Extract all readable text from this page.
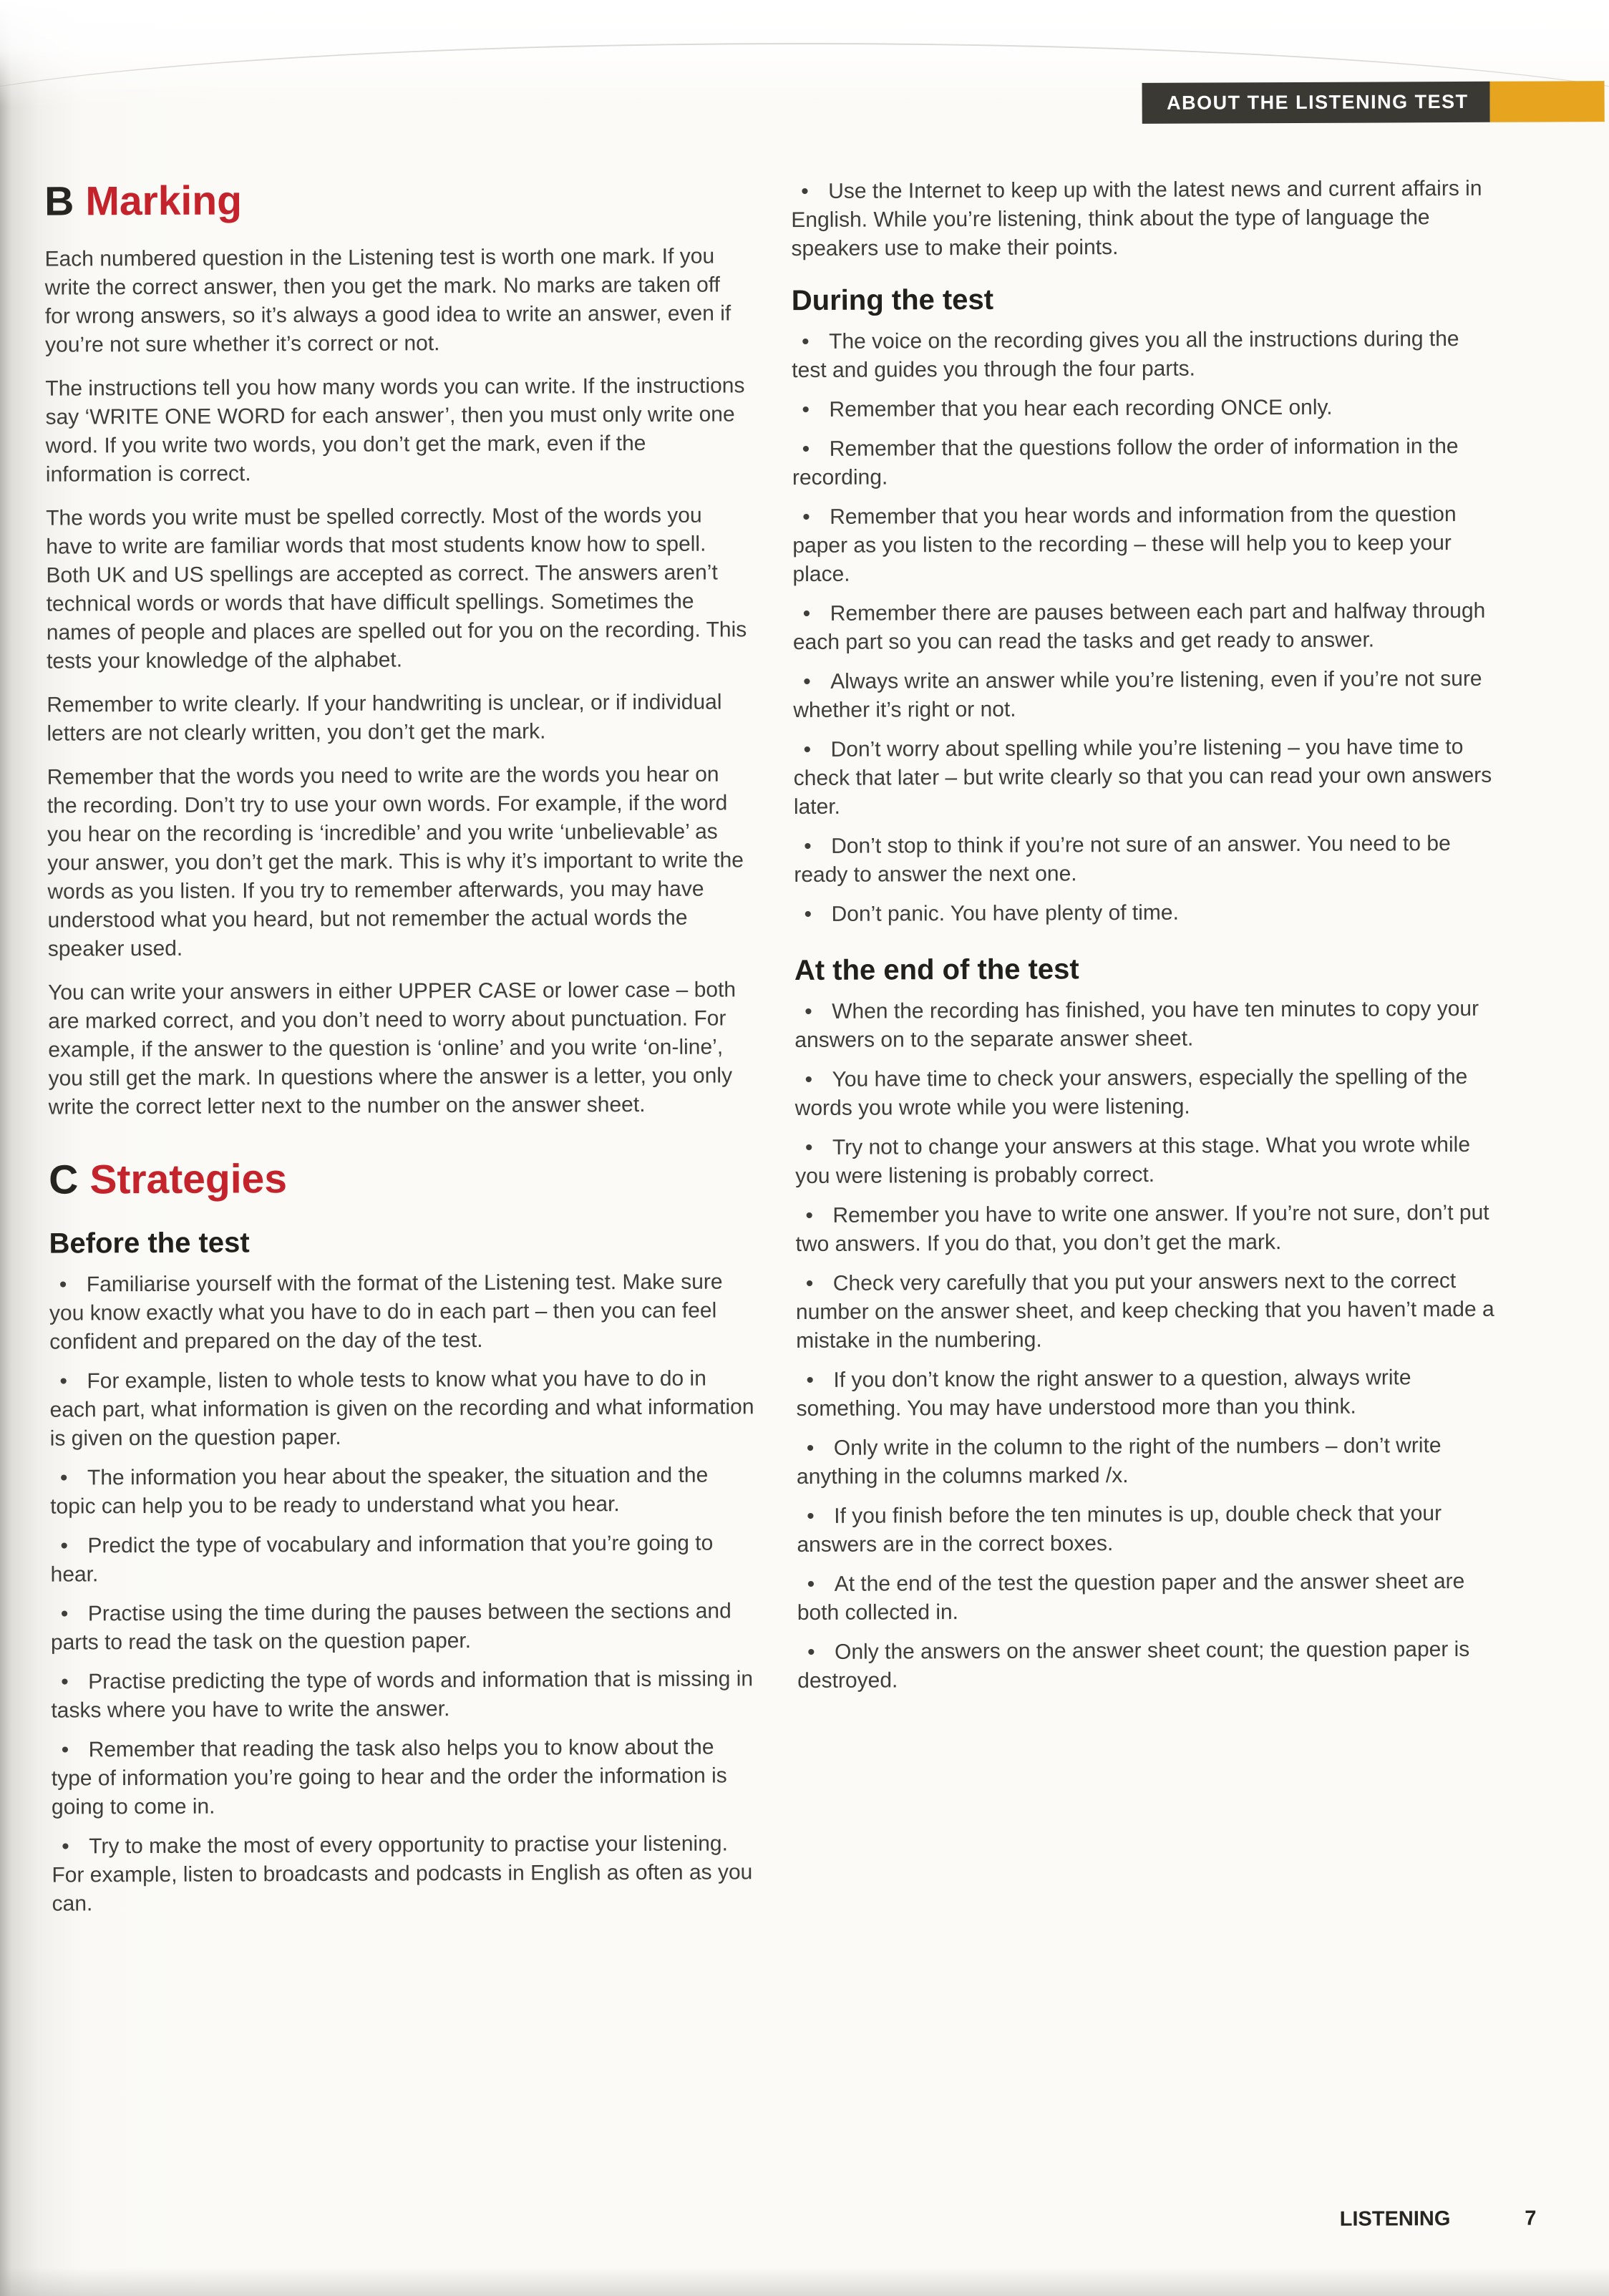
ABOUT THE LISTENING TEST
B Marking

Each numbered question in the Listening test is worth one mark. If you write the correct answer, then you get the mark. No marks are taken off for wrong answers, so it’s always a good idea to write an answer, even if you’re not sure whether it’s correct or not.

The instructions tell you how many words you can write. If the instructions say ‘WRITE ONE WORD for each answer’, then you must only write one word. If you write two words, you don’t get the mark, even if the information is correct.

The words you write must be spelled correctly. Most of the words you have to write are familiar words that most students know how to spell. Both UK and US spellings are accepted as correct. The answers aren’t technical words or words that have difficult spellings. Sometimes the names of people and places are spelled out for you on the recording. This tests your knowledge of the alphabet.

Remember to write clearly. If your handwriting is unclear, or if individual letters are not clearly written, you don’t get the mark.

Remember that the words you need to write are the words you hear on the recording. Don’t try to use your own words. For example, if the word you hear on the recording is ‘incredible’ and you write ‘unbelievable’ as your answer, you don’t get the mark. This is why it’s important to write the words as you listen. If you try to remember afterwards, you may have understood what you heard, but not remember the actual words the speaker used.

You can write your answers in either UPPER CASE or lower case – both are marked correct, and you don’t need to worry about punctuation. For example, if the answer to the question is ‘online’ and you write ‘on-line’, you still get the mark. In questions where the answer is a letter, you only write the correct letter next to the number on the answer sheet.

C Strategies
Before the test

• Familiarise yourself with the format of the Listening test. Make sure you know exactly what you have to do in each part – then you can feel confident and prepared on the day of the test.

• For example, listen to whole tests to know what you have to do in each part, what information is given on the recording and what information is given on the question paper.

• The information you hear about the speaker, the situation and the topic can help you to be ready to understand what you hear.

• Predict the type of vocabulary and information that you’re going to hear.

• Practise using the time during the pauses between the sections and parts to read the task on the question paper.

• Practise predicting the type of words and information that is missing in tasks where you have to write the answer.

• Remember that reading the task also helps you to know about the type of information you’re going to hear and the order the information is going to come in.

• Try to make the most of every opportunity to practise your listening. For example, listen to broadcasts and podcasts in English as often as you can.

• Use the Internet to keep up with the latest news and current affairs in English. While you’re listening, think about the type of language the speakers use to make their points.

During the test

• The voice on the recording gives you all the instructions during the test and guides you through the four parts.

• Remember that you hear each recording ONCE only.

• Remember that the questions follow the order of information in the recording.

• Remember that you hear words and information from the question paper as you listen to the recording – these will help you to keep your place.

• Remember there are pauses between each part and halfway through each part so you can read the tasks and get ready to answer.

• Always write an answer while you’re listening, even if you’re not sure whether it’s right or not.

• Don’t worry about spelling while you’re listening – you have time to check that later – but write clearly so that you can read your own answers later.

• Don’t stop to think if you’re not sure of an answer. You need to be ready to answer the next one.

• Don’t panic. You have plenty of time.

At the end of the test

• When the recording has finished, you have ten minutes to copy your answers on to the separate answer sheet.

• You have time to check your answers, especially the spelling of the words you wrote while you were listening.

• Try not to change your answers at this stage. What you wrote while you were listening is probably correct.

• Remember you have to write one answer. If you’re not sure, don’t put two answers. If you do that, you don’t get the mark.

• Check very carefully that you put your answers next to the correct number on the answer sheet, and keep checking that you haven’t made a mistake in the numbering.

• If you don’t know the right answer to a question, always write something. You may have understood more than you think.

• Only write in the column to the right of the numbers – don’t write anything in the columns marked /x.

• If you finish before the ten minutes is up, double check that your answers are in the correct boxes.

• At the end of the test the question paper and the answer sheet are both collected in.

• Only the answers on the answer sheet count; the question paper is destroyed.

LISTENING	7
